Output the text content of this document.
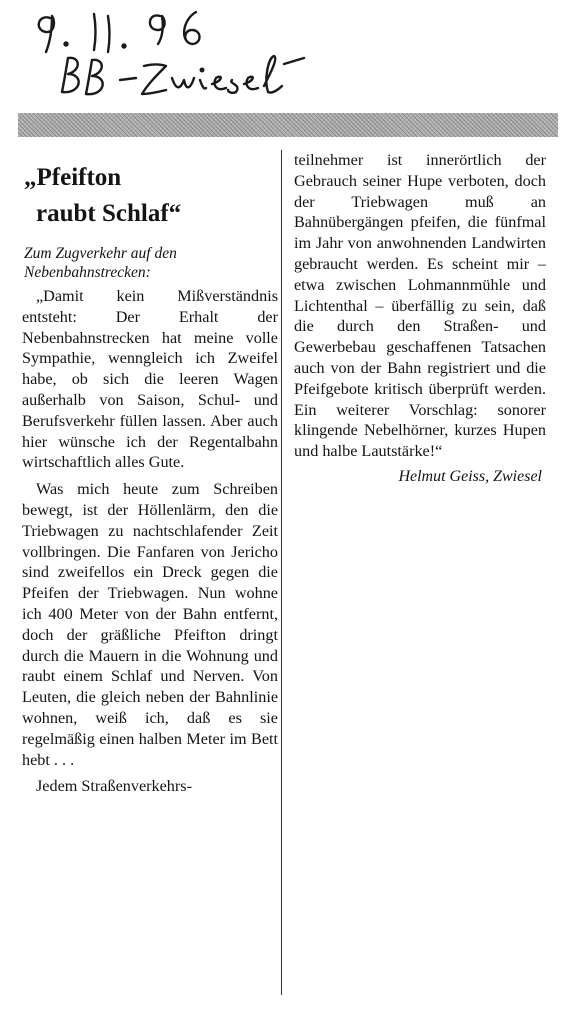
„Pfeifton
raubt Schlaf“

Zum Zugverkehr auf den Nebenbahnstrecken:

„Damit kein Mißverständnis entsteht: Der Erhalt der Nebenbahnstrecken hat meine volle Sympathie, wenngleich ich Zweifel habe, ob sich die leeren Wagen außerhalb von Saison, Schul- und Berufsverkehr füllen lassen. Aber auch hier wünsche ich der Regentalbahn wirtschaftlich alles Gute.

Was mich heute zum Schreiben bewegt, ist der Höllenlärm, den die Triebwagen zu nachtschlafender Zeit vollbringen. Die Fanfaren von Jericho sind zweifellos ein Dreck gegen die Pfeifen der Triebwagen. Nun wohne ich 400 Meter von der Bahn entfernt, doch der gräßliche Pfeifton dringt durch die Mauern in die Wohnung und raubt einem Schlaf und Nerven. Von Leuten, die gleich neben der Bahnlinie wohnen, weiß ich, daß es sie regelmäßig einen halben Meter im Bett hebt . . .

Jedem Straßenverkehrs-

teilnehmer ist innerörtlich der Gebrauch seiner Hupe verboten, doch der Triebwagen muß an Bahnübergängen pfeifen, die fünfmal im Jahr von anwohnenden Landwirten gebraucht werden. Es scheint mir – etwa zwischen Lohmannmühle und Lichtenthal – überfällig zu sein, daß die durch den Straßen- und Gewerbebau geschaffenen Tatsachen auch von der Bahn registriert und die Pfeifgebote kritisch überprüft werden. Ein weiterer Vorschlag: sonorer klingende Nebelhörner, kurzes Hupen und halbe Lautstärke!“

Helmut Geiss, Zwiesel
